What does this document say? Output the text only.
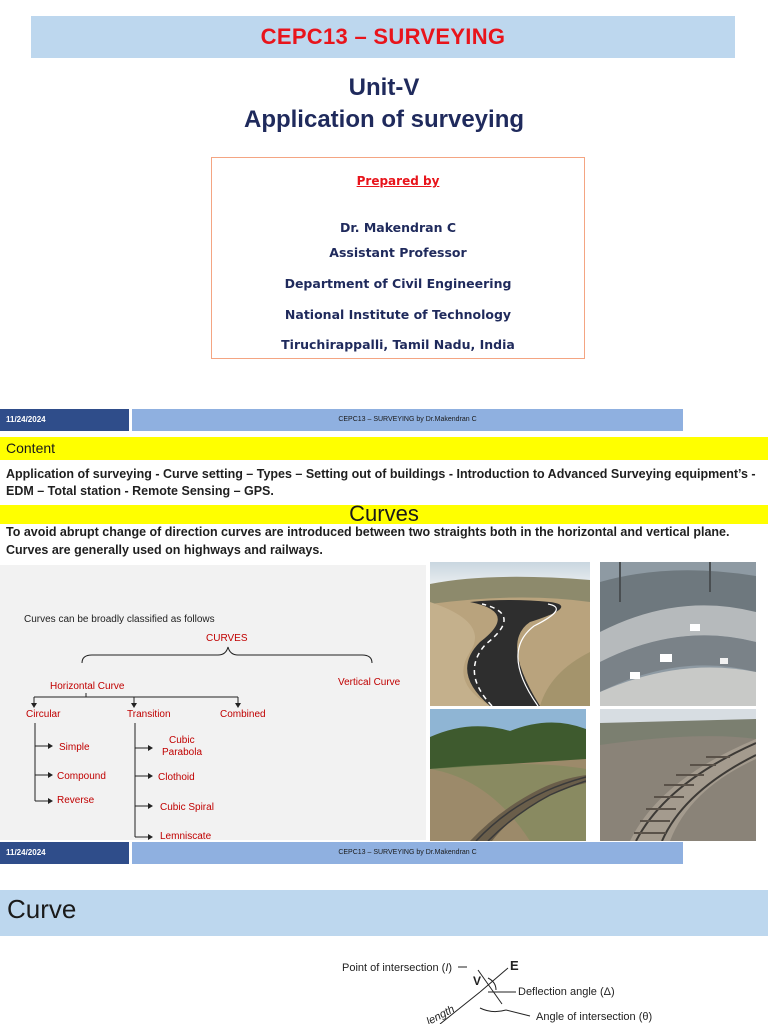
CEPC13 – SURVEYING
Unit-V
Application of surveying
Prepared by
Dr. Makendran C
Assistant Professor
Department of Civil Engineering
National Institute of Technology
Tiruchirappalli, Tamil Nadu, India
11/24/2024	CEPC13 – SURVEYING by Dr.Makendran C
Content
Application of surveying - Curve setting – Types – Setting out of buildings - Introduction to Advanced Surveying equipment’s - EDM – Total station - Remote Sensing – GPS.
Curves
To avoid abrupt change of direction curves are introduced between two straights both in the horizontal and vertical plane. Curves are generally used on highways and railways.
Curves can be broadly classified as follows
CURVES
Horizontal Curve	Vertical Curve
Circular	Transition	Combined
Simple
Compound
Reverse
Cubic Parabola
Clothoid
Cubic Spiral
Lemniscate
11/24/2024	CEPC13 – SURVEYING by Dr.Makendran C
Curve
Point of intersection (I)
V
E
Deflection angle (Δ)
Angle of intersection (θ)
length
